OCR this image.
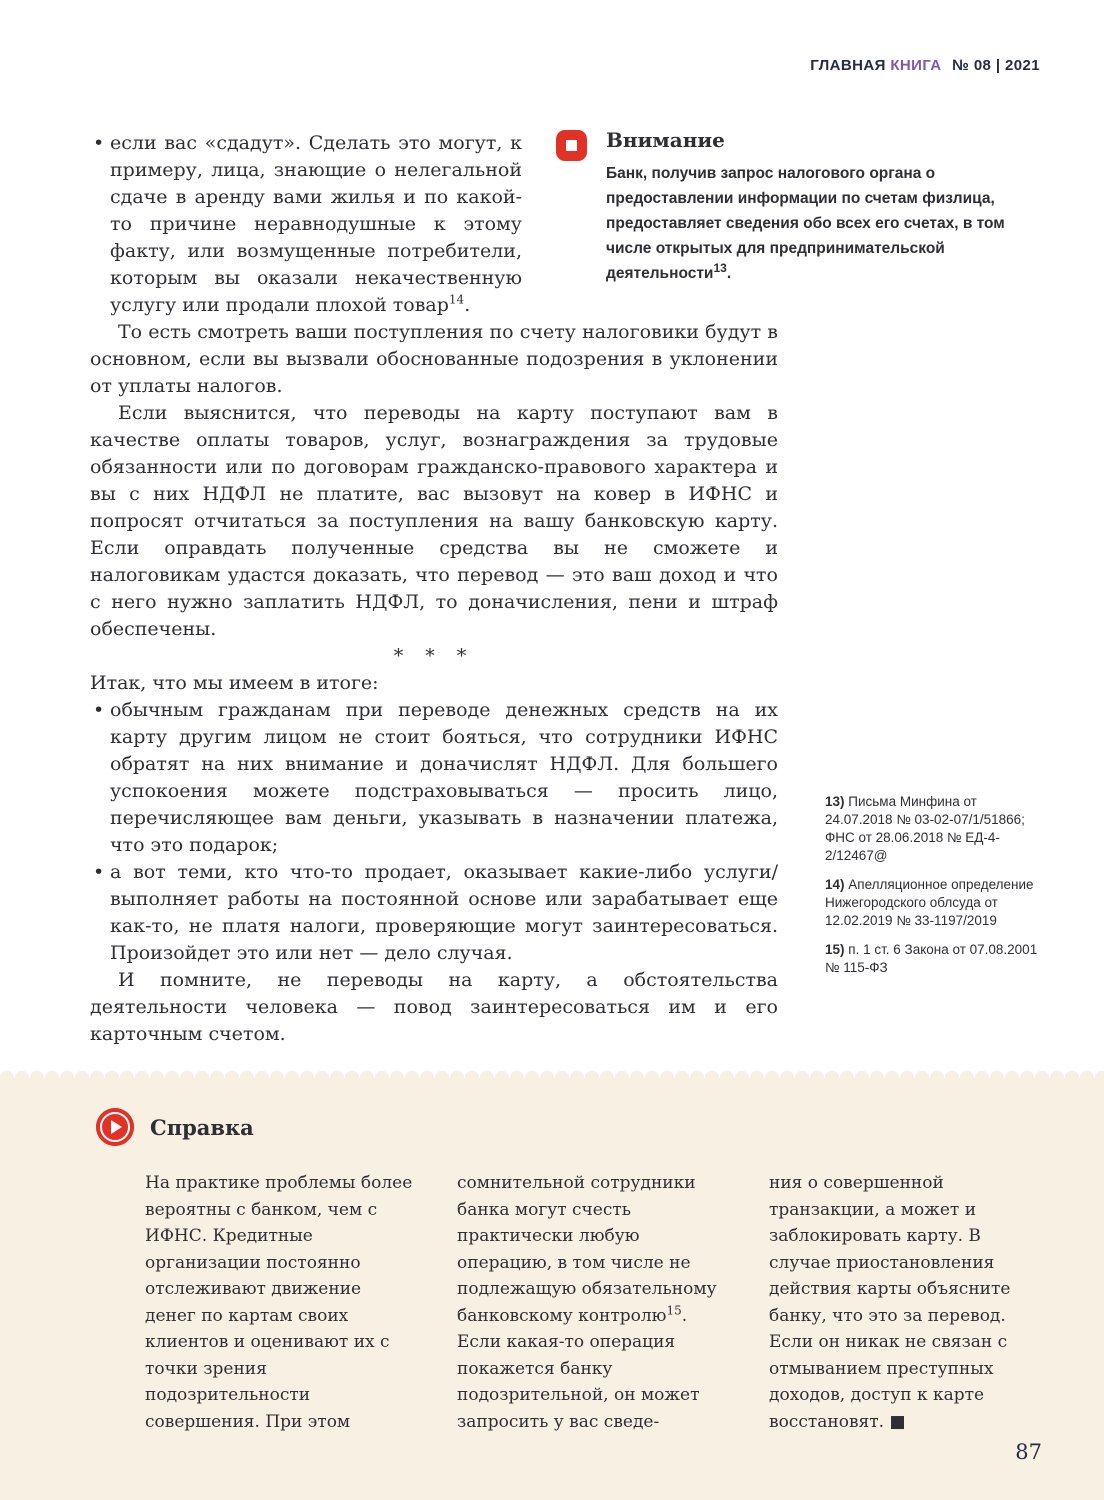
ГЛАВНАЯ КНИГА № 08 | 2021

• если вас «сдадут». Сделать это могут, к примеру, лица, знающие о нелегальной сдаче в аренду вами жилья и по какой-то причине неравнодушные к этому факту, или возмущенные потребители, которым вы оказали некачественную услугу или продали плохой товар$^{14}$.

То есть смотреть ваши поступления по счету налоговики будут в основном, если вы вызвали обоснованные подозрения в уклонении от уплаты налогов.

Если выяснится, что переводы на карту поступают вам в качестве оплаты товаров, услуг, вознаграждения за трудовые обязанности или по договорам гражданско-правового характера и вы с них НДФЛ не платите, вас вызовут на ковер в ИФНС и попросят отчитаться за поступления на вашу банковскую карту. Если оправдать полученные средства вы не сможете и налоговикам удастся доказать, что перевод — это ваш доход и что с него нужно заплатить НДФЛ, то доначисления, пени и штраф обеспечены.

* * *

Итак, что мы имеем в итоге:

• обычным гражданам при переводе денежных средств на их карту другим лицом не стоит бояться, что сотрудники ИФНС обратят на них внимание и доначислят НДФЛ. Для большего успокоения можете подстраховываться — просить лицо, перечисляющее вам деньги, указывать в назначении платежа, что это подарок;

• а вот теми, кто что-то продает, оказывает какие-либо услуги/выполняет работы на постоянной основе или зарабатывает еще как-то, не платя налоги, проверяющие могут заинтересоваться. Произойдет это или нет — дело случая.

И помните, не переводы на карту, а обстоятельства деятельности человека — повод заинтересоваться им и его карточным счетом.

Внимание
Банк, получив запрос налогового органа о предоставлении информации по счетам физлица, предоставляет сведения обо всех его счетах, в том числе открытых для предпринимательской деятельности$^{13}$.
13) Письма Минфина от 24.07.2018 № 03-02-07/1/51866; ФНС от 28.06.2018 № ЕД-4-2/12467@
14) Апелляционное определение Нижегородского облсуда от 12.02.2019 № 33-1197/2019
15) п. 1 ст. 6 Закона от 07.08.2001 № 115-ФЗ
Справка
На практике проблемы более вероятны с банком, чем с ИФНС. Кредитные организации постоянно отслеживают движение денег по картам своих клиентов и оценивают их с точки зрения подозрительности совершения. При этом
сомнительной сотрудники банка могут счесть практически любую операцию, в том числе не подлежащую обязательному банковскому контролю$^{15}$. Если какая-то операция покажется банку подозрительной, он может запросить у вас сведе-
ния о совершенной транзакции, а может и заблокировать карту. В случае приостановления действия карты объясните банку, что это за перевод. Если он никак не связан с отмыванием преступных доходов, доступ к карте восстановят. ■
87
